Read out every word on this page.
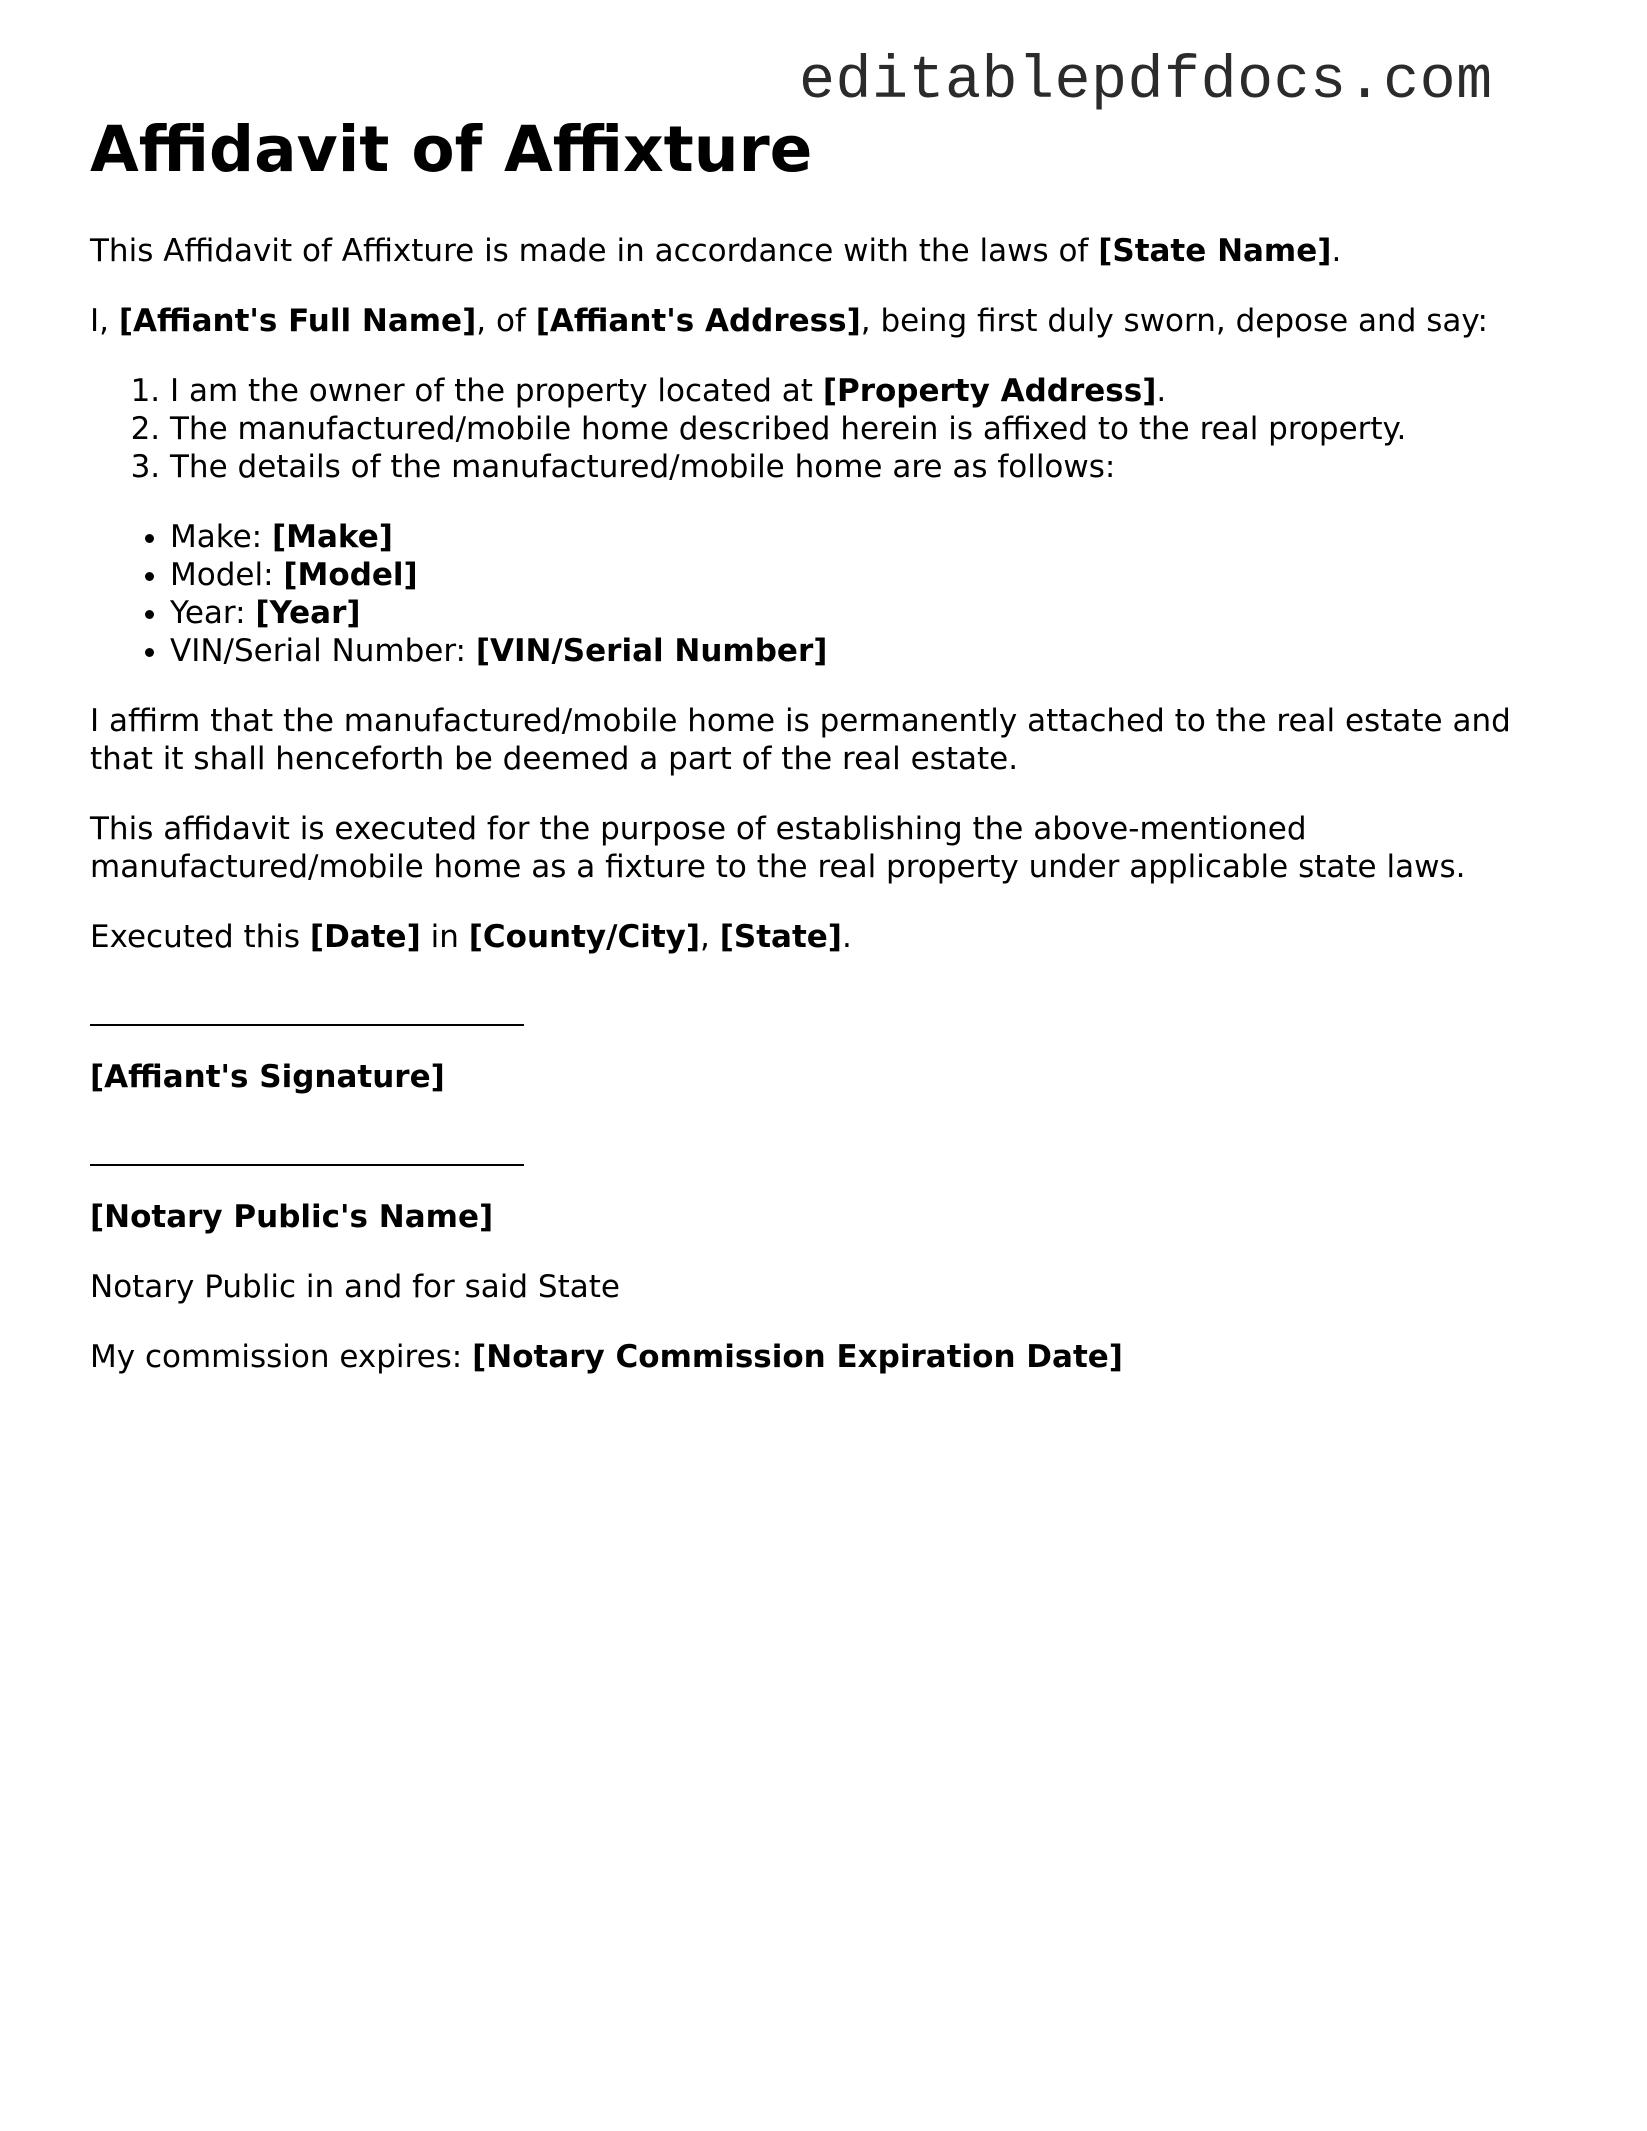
editablepdfdocs.com
Affidavit of Affixture

This Affidavit of Affixture is made in accordance with the laws of [State Name].

I, [Affiant's Full Name], of [Affiant's Address], being first duly sworn, depose and say:

1. I am the owner of the property located at [Property Address].
2. The manufactured/mobile home described herein is affixed to the real property.
3. The details of the manufactured/mobile home are as follows:
• Make: [Make]
• Model: [Model]
• Year: [Year]
• VIN/Serial Number: [VIN/Serial Number]

I affirm that the manufactured/mobile home is permanently attached to the real estate and that it shall henceforth be deemed a part of the real estate.

This affidavit is executed for the purpose of establishing the above-mentioned manufactured/mobile home as a fixture to the real property under applicable state laws.

Executed this [Date] in [County/City], [State].

[Affiant's Signature]

[Notary Public's Name]

Notary Public in and for said State

My commission expires: [Notary Commission Expiration Date]
